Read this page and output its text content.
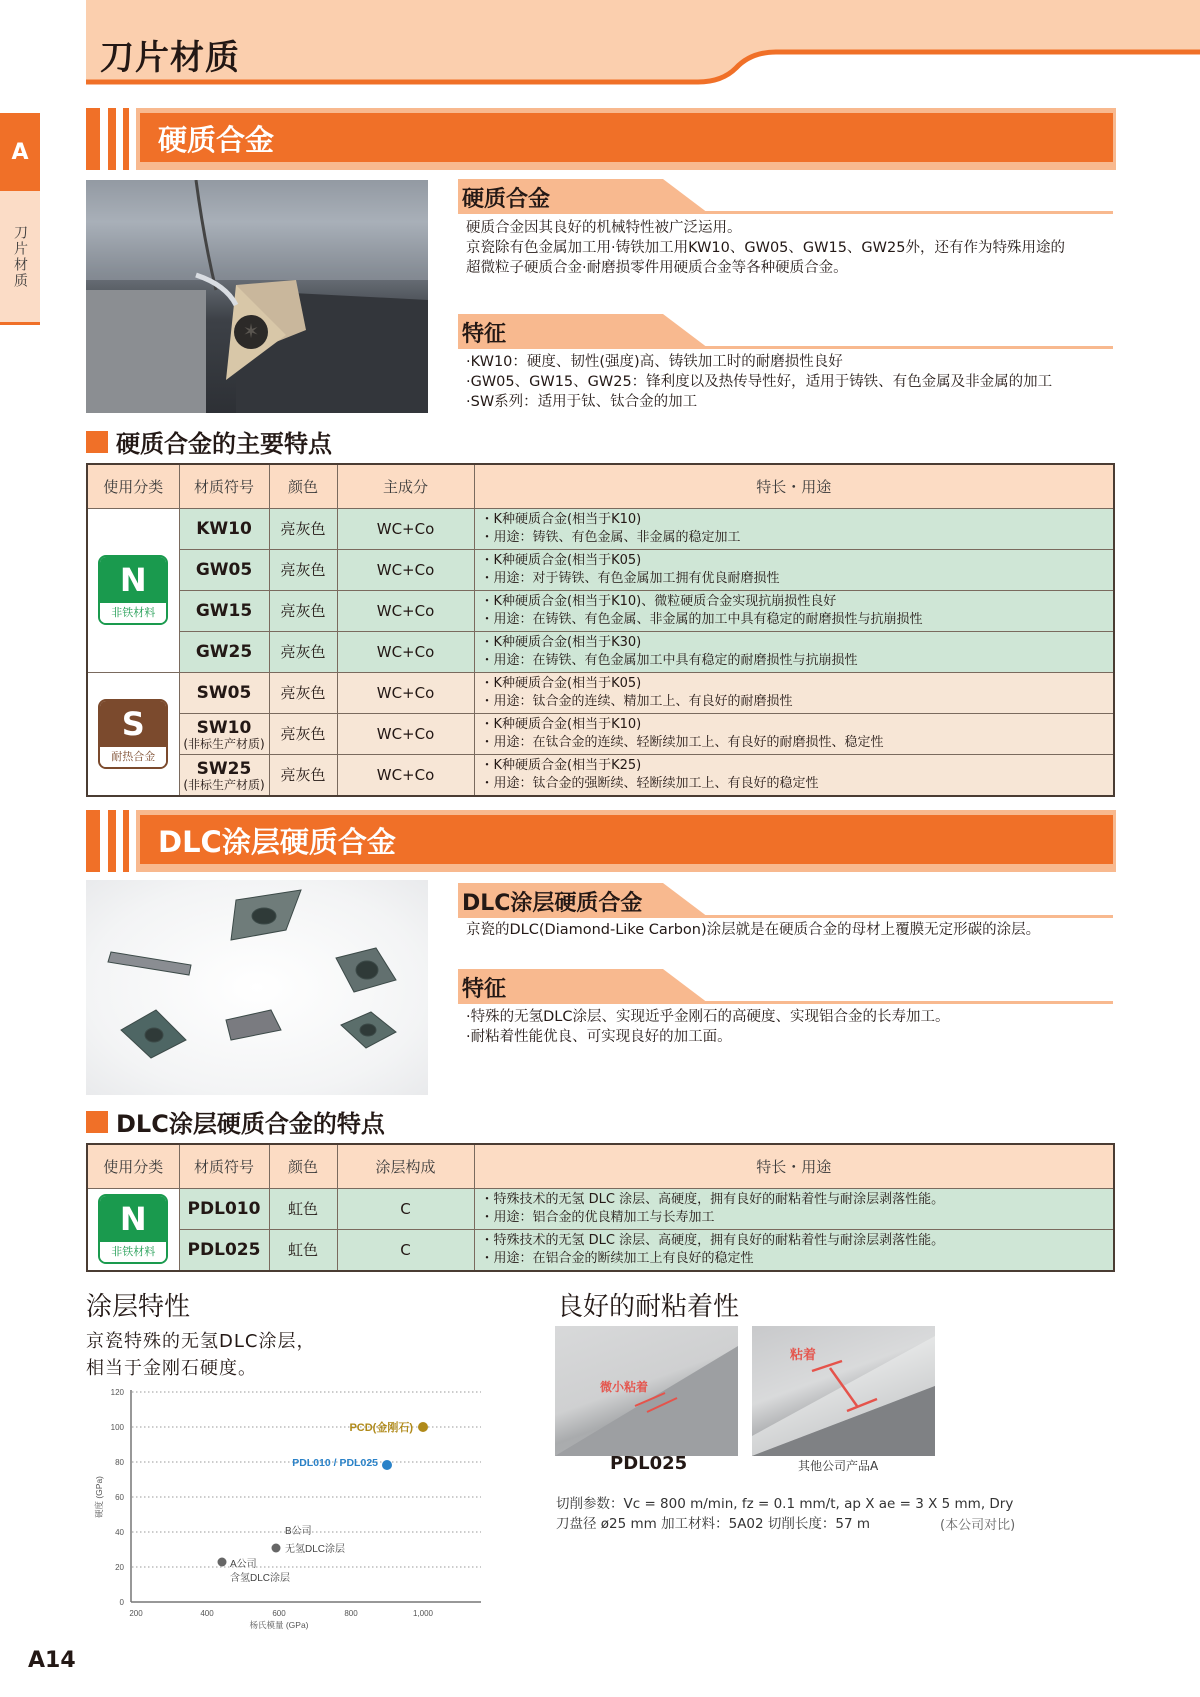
刀片材质
A
刀片材质
硬质合金
✶
硬质合金
硬质合金因其良好的机械特性被广泛运用。
京瓷除有色金属加工用·铸铁加工用KW10、GW05、GW15、GW25外，还有作为特殊用途的
超微粒子硬质合金·耐磨损零件用硬质合金等各种硬质合金。
特征
·KW10：硬度、韧性(强度)高、铸铁加工时的耐磨损性良好
·GW05、GW15、GW25：锋利度以及热传导性好，适用于铸铁、有色金属及非金属的加工
·SW系列：适用于钛、钛合金的加工
硬质合金的主要特点
使用分类	材质符号	颜色	主成分	特长・用途

N
非铁材料
	KW10	亮灰色	WC+Co	
・K种硬质合金(相当于K10)
・用途：铸铁、有色金属、非金属的稳定加工

	GW05	亮灰色	WC+Co	・K种硬质合金(相当于K05)
・用途：对于铸铁、有色金属加工拥有优良耐磨损性

	GW15	亮灰色	WC+Co	・K种硬质合金(相当于K10)、微粒硬质合金实现抗崩损性良好
・用途：在铸铁、有色金属、非金属的加工中具有稳定的耐磨损性与抗崩损性

	GW25	亮灰色	WC+Co	・K种硬质合金(相当于K30)
・用途：在铸铁、有色金属加工中具有稳定的耐磨损性与抗崩损性

S
耐热合金
	SW05	亮灰色	WC+Co	
・K种硬质合金(相当于K05)
・用途：钛合金的连续、精加工上、有良好的耐磨损性

SW10
(非标生产材质)
	亮灰色	WC+Co	
・K种硬质合金(相当于K10)
・用途：在钛合金的连续、轻断续加工上、有良好的耐磨损性、稳定性

SW25
(非标生产材质)
	亮灰色	WC+Co	
・K种硬质合金(相当于K25)
・用途：钛合金的强断续、轻断续加工上、有良好的稳定性
DLC涂层硬质合金
DLC涂层硬质合金
京瓷的DLC(Diamond-Like Carbon)涂层就是在硬质合金的母材上覆膜无定形碳的涂层。
特征
·特殊的无氢DLC涂层、实现近乎金刚石的高硬度、实现铝合金的长寿加工。
·耐粘着性能优良、可实现良好的加工面。
DLC涂层硬质合金的特点
使用分类	材质符号	颜色	涂层构成	特长・用途

N
非铁材料
	PDL010	虹色	C	
・特殊技术的无氢 DLC 涂层、高硬度，拥有良好的耐粘着性与耐涂层剥落性能。
・用途：铝合金的优良精加工与长寿加工

	PDL025	虹色	C	・特殊技术的无氢 DLC 涂层、高硬度，拥有良好的耐粘着性与耐涂层剥落性能。
・用途：在铝合金的断续加工上有良好的稳定性
涂层特性
京瓷特殊的无氢DLC涂层，
相当于金刚石硬度。
120
100
80
60
40
20
0
200	400	600	800	1,000
杨氏模量 (GPa)
硬度 (GPa)
PCD(金刚石)
PDL010 / PDL025
B公司
无氢DLC涂层
A公司
含氢DLC涂层
良好的耐粘着性
微小粘着
粘着
PDL025	其他公司产品A
切削参数：Vc = 800 m/min, fz = 0.1 mm/t, ap X ae = 3 X 5 mm, Dry
刀盘径 ø25 mm 加工材料：5A02 切削长度：57 m	(本公司对比)
A14
